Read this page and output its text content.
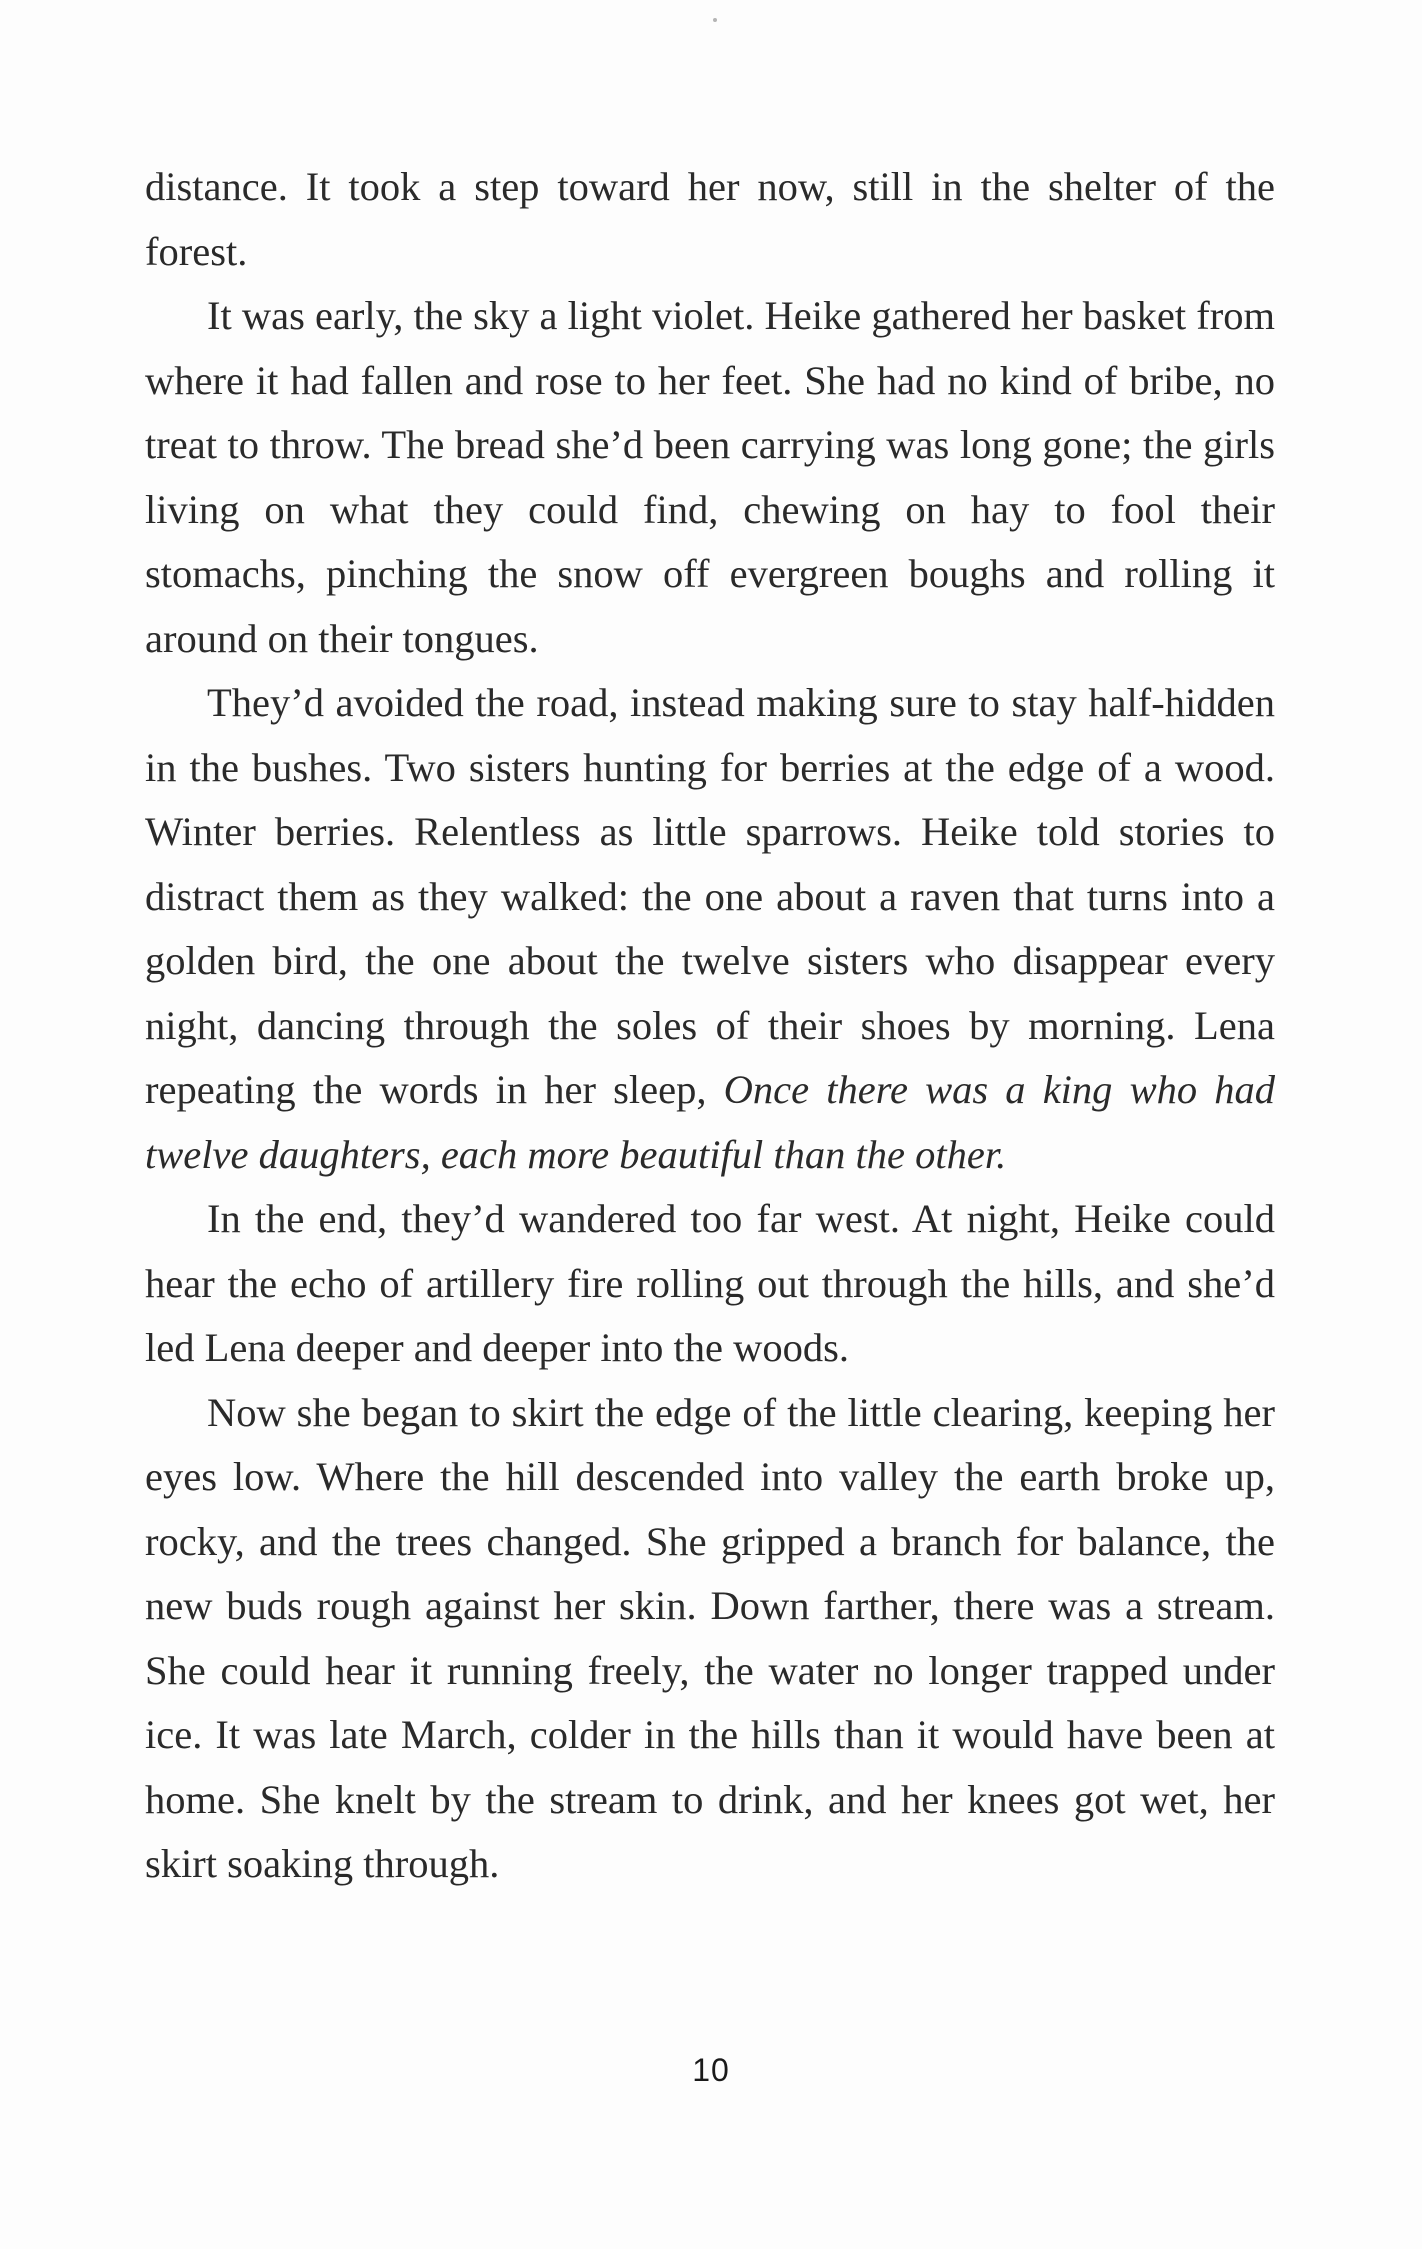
distance. It took a step toward her now, still in the shelter of the forest.

It was early, the sky a light violet. Heike gathered her basket from where it had fallen and rose to her feet. She had no kind of bribe, no treat to throw. The bread she’d been carrying was long gone; the girls living on what they could find, chewing on hay to fool their stomachs, pinching the snow off evergreen boughs and rolling it around on their tongues.

They’d avoided the road, instead making sure to stay half-hidden in the bushes. Two sisters hunting for berries at the edge of a wood. Winter berries. Relentless as little sparrows. Heike told stories to distract them as they walked: the one about a raven that turns into a golden bird, the one about the twelve sisters who disappear every night, dancing through the soles of their shoes by morning. Lena repeating the words in her sleep, Once there was a king who had twelve daughters, each more beautiful than the other.

In the end, they’d wandered too far west. At night, Heike could hear the echo of artillery fire rolling out through the hills, and she’d led Lena deeper and deeper into the woods.

Now she began to skirt the edge of the little clearing, keeping her eyes low. Where the hill descended into valley the earth broke up, rocky, and the trees changed. She gripped a branch for balance, the new buds rough against her skin. Down farther, there was a stream. She could hear it running freely, the water no longer trapped under ice. It was late March, colder in the hills than it would have been at home. She knelt by the stream to drink, and her knees got wet, her skirt soaking through.

10
